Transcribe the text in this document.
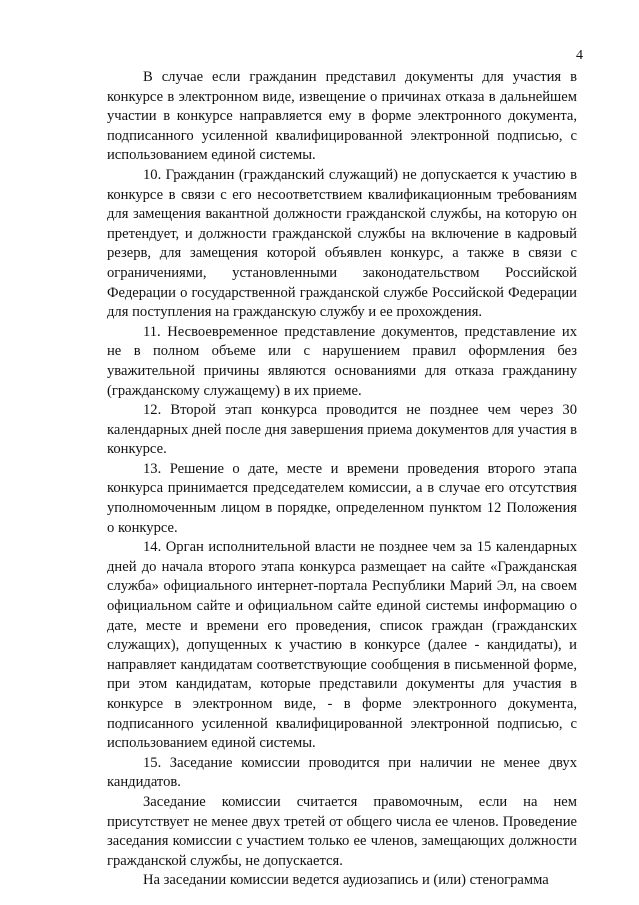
4

В случае если гражданин представил документы для участия в конкурсе в электронном виде, извещение о причинах отказа в дальнейшем участии в конкурсе направляется ему в форме электронного документа, подписанного усиленной квалифицированной электронной подписью, с использованием единой системы.

10. Гражданин (гражданский служащий) не допускается к участию в конкурсе в связи с его несоответствием квалификационным требованиям для замещения вакантной должности гражданской службы, на которую он претендует, и должности гражданской службы на включение в кадровый резерв, для замещения которой объявлен конкурс, а также в связи с ограничениями, установленными законодательством Российской Федерации о государственной гражданской службе Российской Федерации для поступления на гражданскую службу и ее прохождения.

11. Несвоевременное представление документов, представление их не в полном объеме или с нарушением правил оформления без уважительной причины являются основаниями для отказа гражданину (гражданскому служащему) в их приеме.

12. Второй этап конкурса проводится не позднее чем через 30 календарных дней после дня завершения приема документов для участия в конкурсе.

13. Решение о дате, месте и времени проведения второго этапа конкурса принимается председателем комиссии, а в случае его отсутствия уполномоченным лицом в порядке, определенном пунктом 12 Положения о конкурсе.

14. Орган исполнительной власти не позднее чем за 15 календарных дней до начала второго этапа конкурса размещает на сайте «Гражданская служба» официального интернет-портала Республики Марий Эл, на своем официальном сайте и официальном сайте единой системы информацию о дате, месте и времени его проведения, список граждан (гражданских служащих), допущенных к участию в конкурсе (далее - кандидаты), и направляет кандидатам соответствующие сообщения в письменной форме, при этом кандидатам, которые представили документы для участия в конкурсе в электронном виде, - в форме электронного документа, подписанного усиленной квалифицированной электронной подписью, с использованием единой системы.

15. Заседание комиссии проводится при наличии не менее двух кандидатов.

Заседание комиссии считается правомочным, если на нем присутствует не менее двух третей от общего числа ее членов. Проведение заседания комиссии с участием только ее членов, замещающих должности гражданской службы, не допускается.

На заседании комиссии ведется аудиозапись и (или) стенограмма
